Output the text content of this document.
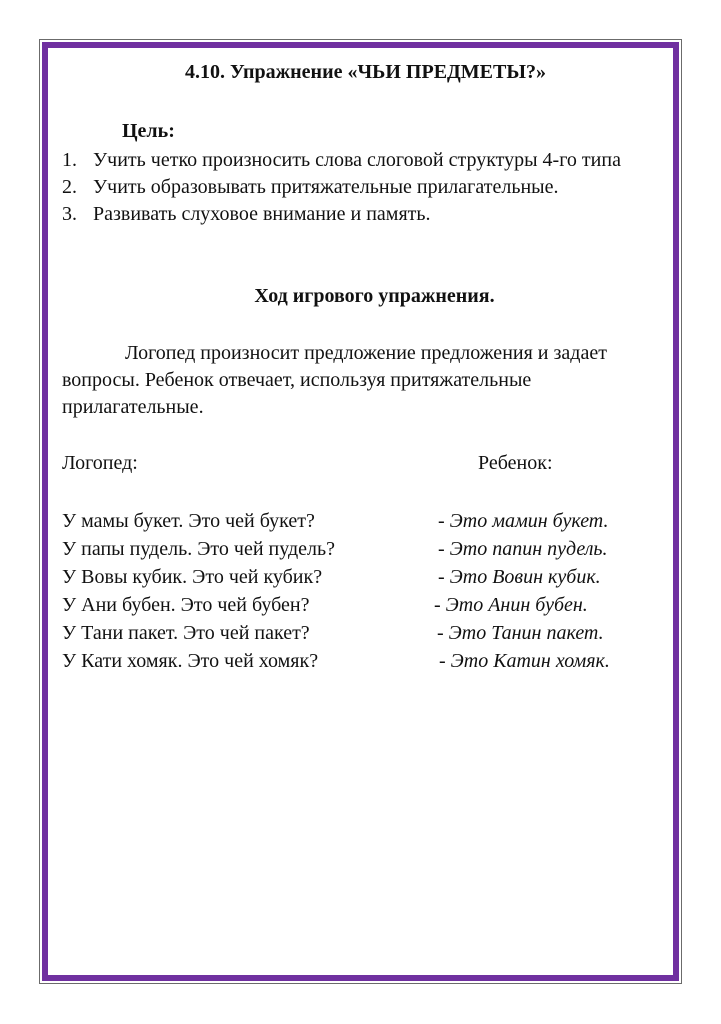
4.10. Упражнение «ЧЬИ ПРЕДМЕТЫ?»

Цель:

1. Учить четко произносить слова слоговой структуры 4-го типа
2. Учить образовывать притяжательные прилагательные.
3. Развивать слуховое внимание и память.
Ход игрового упражнения.

Логопед произносит предложение предложения и задает вопросы. Ребенок отвечает, используя притяжательные прилагательные.

Логопед:	Ребенок:

У мамы букет. Это чей букет?	- Это мамин букет.
У папы пудель. Это чей пудель?	- Это папин пудель.
У Вовы кубик. Это чей кубик?	- Это Вовин кубик.
У Ани бубен. Это чей бубен?	- Это Анин бубен.
У Тани пакет. Это чей пакет?	- Это Танин пакет.
У Кати хомяк. Это чей хомяк?	- Это Катин хомяк.
